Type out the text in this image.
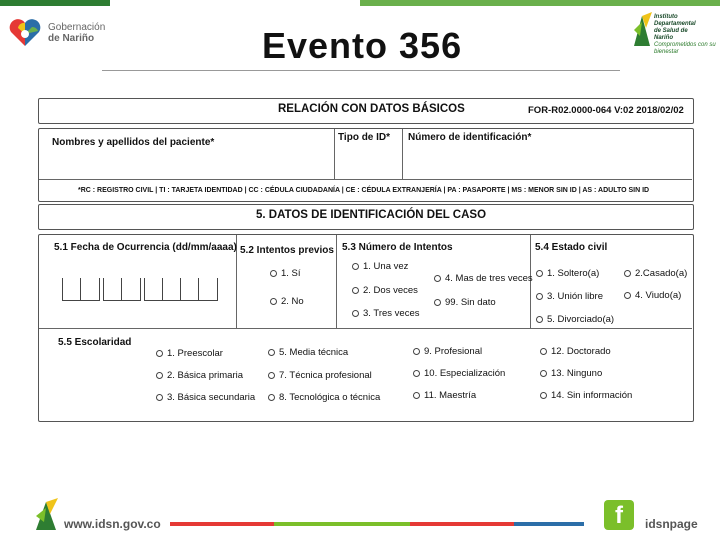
Gobernación
de Nariño	Evento 356
Instituto
Departamental
de Salud de
Nariño

Comprometidos con su bienestar
RELACIÓN CON DATOS BÁSICOS	FOR-R02.0000-064 V:02 2018/02/02
Nombres y apellidos del paciente*	Tipo de ID* Número de identificación*
*RC : REGISTRO CIVIL | TI : TARJETA IDENTIDAD | CC : CÉDULA CIUDADANÍA | CE : CÉDULA EXTRANJERÍA | PA : PASAPORTE | MS : MENOR SIN ID | AS : ADULTO SIN ID
5. DATOS DE IDENTIFICACIÓN DEL CASO
5.1 Fecha de Ocurrencia (dd/mm/aaaa) 5.2 Intentos previos
1. Sí
2. No
5.3 Número de Intentos
1. Una vez
2. Dos veces
3. Tres veces
4. Mas de tres veces
99. Sin dato
5.4 Estado civil
1. Soltero(a)	2.Casado(a)
3. Unión libre	4. Viudo(a)
5. Divorciado(a)
5.5 Escolaridad
1. Preescolar
2. Básica primaria
3. Básica secundaria
5. Media técnica
7. Técnica profesional
8. Tecnológica o técnica
9. Profesional
10. Especialización
11. Maestría
12. Doctorado
13. Ninguno
14. Sin información
www.idsn.gov.co	f	idsnpage
